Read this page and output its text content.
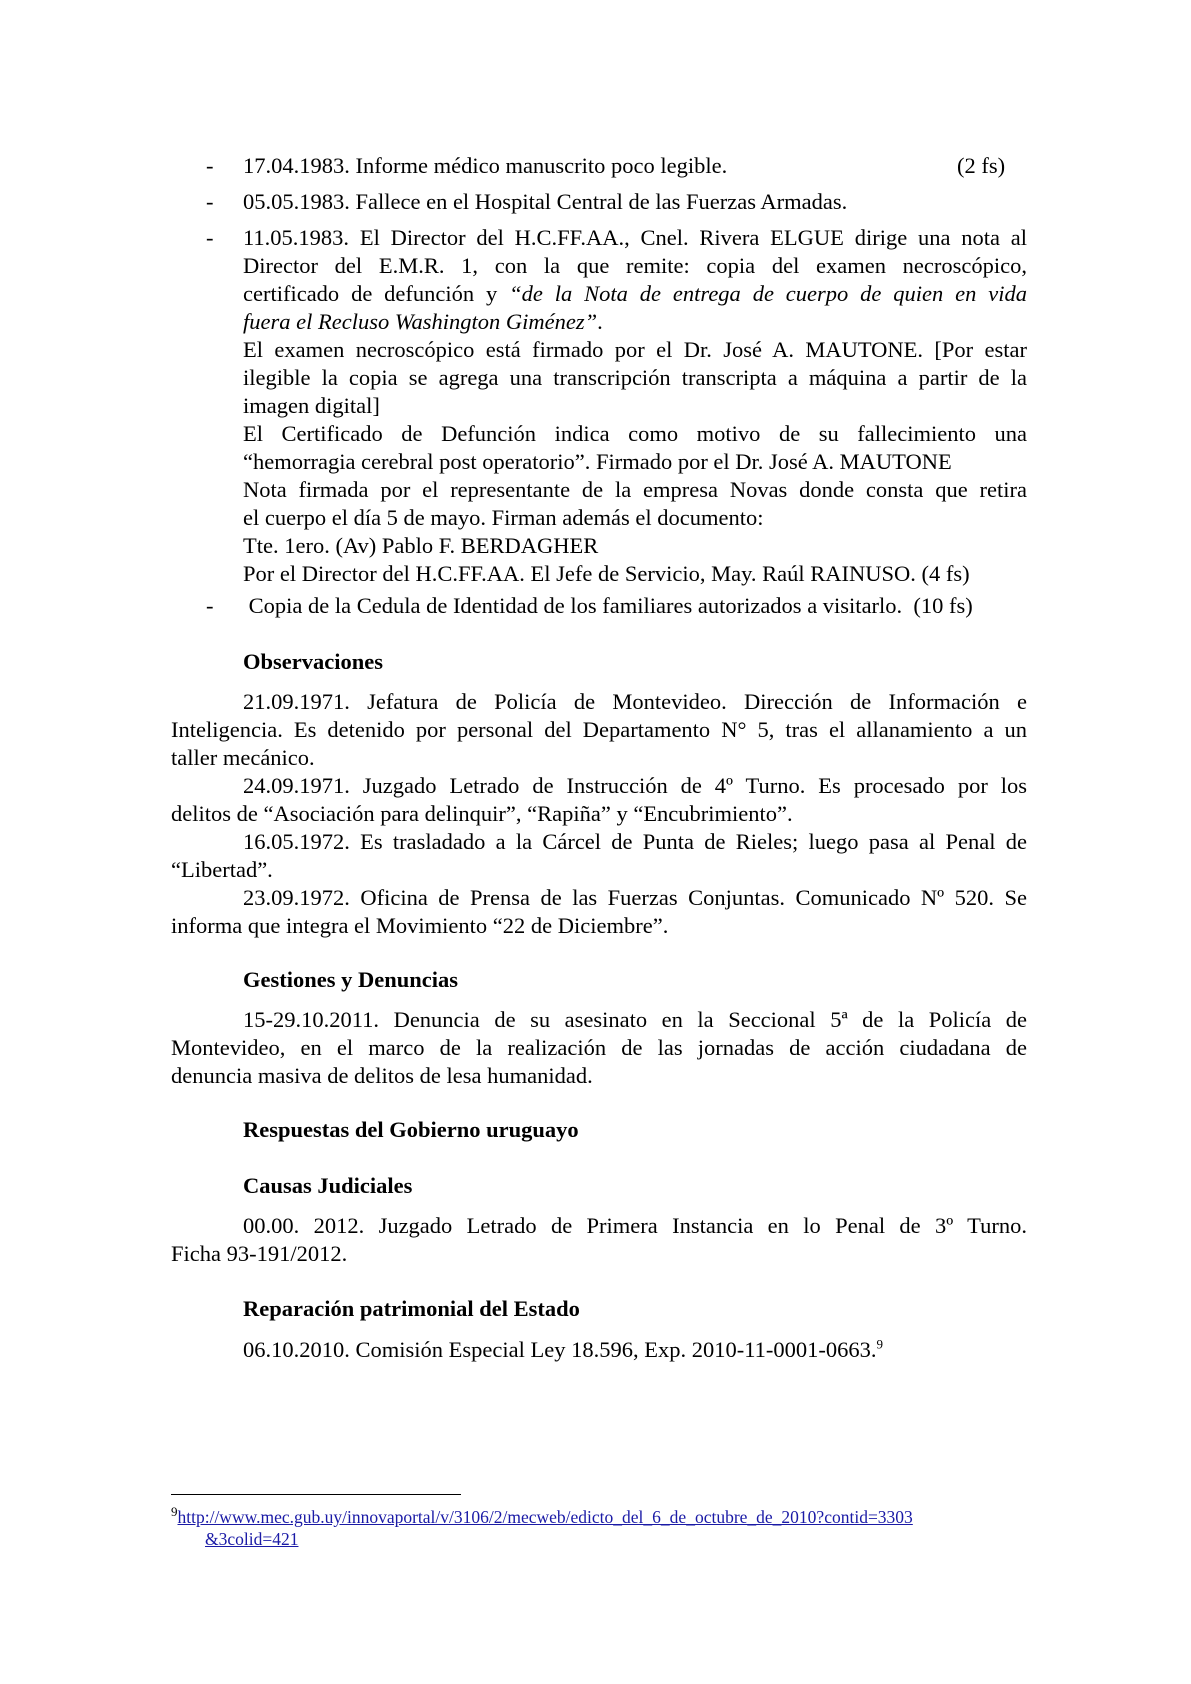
- 17.04.1983. Informe médico manuscrito poco legible.	(2 fs)
- 05.05.1983. Fallece en el Hospital Central de las Fuerzas Armadas.
- 11.05.1983. El Director del H.C.FF.AA., Cnel. Rivera ELGUE dirige una nota al
Director del E.M.R. 1, con la que remite: copia del examen necroscópico,
certificado de defunción y “de la Nota de entrega de cuerpo de quien en vida
fuera el Recluso Washington Giménez”.
El examen necroscópico está firmado por el Dr. José A. MAUTONE. [Por estar
ilegible la copia se agrega una transcripción transcripta a máquina a partir de la
imagen digital]
El Certificado de Defunción indica como motivo de su fallecimiento una
“hemorragia cerebral post operatorio”. Firmado por el Dr. José A. MAUTONE
Nota firmada por el representante de la empresa Novas donde consta que retira
el cuerpo el día 5 de mayo. Firman además el documento:
Tte. 1ero. (Av) Pablo F. BERDAGHER
Por el Director del H.C.FF.AA. El Jefe de Servicio, May. Raúl RAINUSO. (4 fs)
- Copia de la Cedula de Identidad de los familiares autorizados a visitarlo.  (10 fs)
Observaciones
21.09.1971. Jefatura de Policía de Montevideo. Dirección de Información e
Inteligencia. Es detenido por personal del Departamento N° 5, tras el allanamiento a un
taller mecánico.
24.09.1971. Juzgado Letrado de Instrucción de 4º Turno. Es procesado por los
delitos de “Asociación para delinquir”, “Rapiña” y “Encubrimiento”.
16.05.1972. Es trasladado a la Cárcel de Punta de Rieles; luego pasa al Penal de
“Libertad”.
23.09.1972. Oficina de Prensa de las Fuerzas Conjuntas. Comunicado Nº 520. Se
informa que integra el Movimiento “22 de Diciembre”.
Gestiones y Denuncias
15-29.10.2011. Denuncia de su asesinato en la Seccional 5ª de la Policía de
Montevideo, en el marco de la realización de las jornadas de acción ciudadana de
denuncia masiva de delitos de lesa humanidad.
Respuestas del Gobierno uruguayo
Causas Judiciales
00.00. 2012. Juzgado Letrado de Primera Instancia en lo Penal de 3º Turno.
Ficha 93-191/2012.
Reparación patrimonial del Estado
06.10.2010. Comisión Especial Ley 18.596, Exp. 2010-11-0001-0663.$^9$
$^9$http://www.mec.gub.uy/innovaportal/v/3106/2/mecweb/edicto_del_6_de_octubre_de_2010?contid=3303
&3colid=421
